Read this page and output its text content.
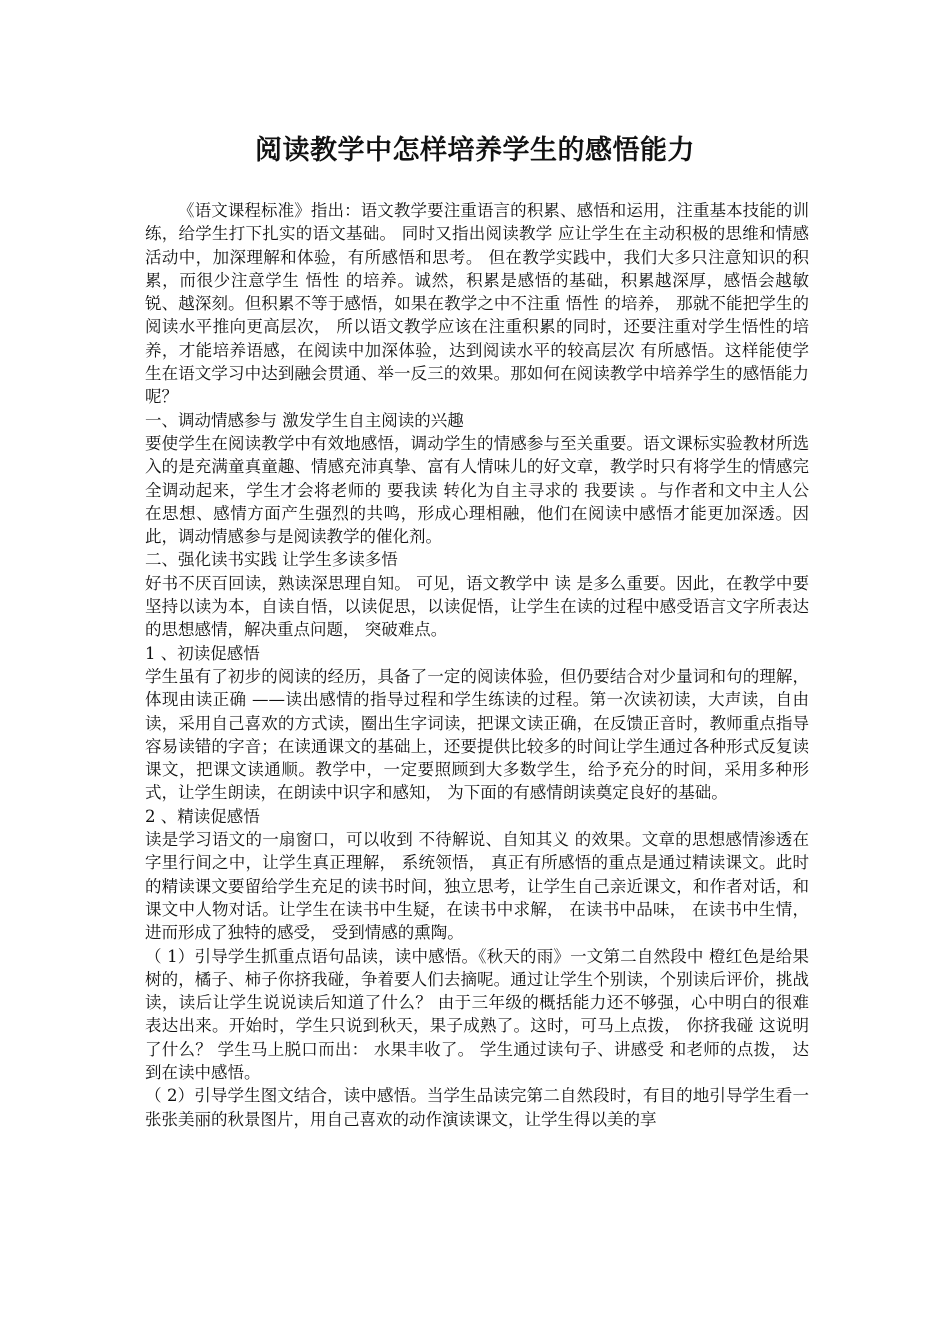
阅读教学中怎样培养学生的感悟能力

《语文课程标准》指出：语文教学要注重语言的积累、感悟和运用，注重基本技能的训练，给学生打下扎实的语文基础。 同时又指出阅读教学 应让学生在主动积极的思维和情感活动中，加深理解和体验，有所感悟和思考。 但在教学实践中，我们大多只注意知识的积累，而很少注意学生 悟性 的培养。诚然，积累是感悟的基础，积累越深厚，感悟会越敏锐、越深刻。但积累不等于感悟，如果在教学之中不注重 悟性 的培养， 那就不能把学生的阅读水平推向更高层次， 所以语文教学应该在注重积累的同时，还要注重对学生悟性的培养，才能培养语感，在阅读中加深体验，达到阅读水平的较高层次 有所感悟。这样能使学生在语文学习中达到融会贯通、举一反三的效果。那如何在阅读教学中培养学生的感悟能力呢？

一、调动情感参与 激发学生自主阅读的兴趣

要使学生在阅读教学中有效地感悟，调动学生的情感参与至关重要。语文课标实验教材所选入的是充满童真童趣、情感充沛真挚、富有人情味儿的好文章，教学时只有将学生的情感完全调动起来，学生才会将老师的 要我读 转化为自主寻求的 我要读 。与作者和文中主人公在思想、感情方面产生强烈的共鸣，形成心理相融，他们在阅读中感悟才能更加深透。因此，调动情感参与是阅读教学的催化剂。

二、强化读书实践 让学生多读多悟

好书不厌百回读，熟读深思理自知。 可见，语文教学中 读 是多么重要。因此，在教学中要坚持以读为本，自读自悟，以读促思，以读促悟，让学生在读的过程中感受语言文字所表达的思想感情，解决重点问题， 突破难点。

1 、初读促感悟

学生虽有了初步的阅读的经历，具备了一定的阅读体验，但仍要结合对少量词和句的理解，体现由读正确 ——读出感情的指导过程和学生练读的过程。第一次读初读，大声读，自由读，采用自己喜欢的方式读，圈出生字词读，把课文读正确，在反馈正音时，教师重点指导容易读错的字音；在读通课文的基础上，还要提供比较多的时间让学生通过各种形式反复读课文，把课文读通顺。教学中，一定要照顾到大多数学生，给予充分的时间，采用多种形式，让学生朗读，在朗读中识字和感知， 为下面的有感情朗读奠定良好的基础。

2 、精读促感悟

读是学习语文的一扇窗口，可以收到 不待解说、自知其义 的效果。文章的思想感情渗透在字里行间之中，让学生真正理解， 系统领悟， 真正有所感悟的重点是通过精读课文。此时的精读课文要留给学生充足的读书时间，独立思考，让学生自己亲近课文，和作者对话，和课文中人物对话。让学生在读书中生疑，在读书中求解， 在读书中品味， 在读书中生情， 进而形成了独特的感受， 受到情感的熏陶。

（ 1）引导学生抓重点语句品读，读中感悟。《秋天的雨》一文第二自然段中 橙红色是给果树的，橘子、柿子你挤我碰，争着要人们去摘呢。通过让学生个别读，个别读后评价，挑战读，读后让学生说说读后知道了什么？ 由于三年级的概括能力还不够强，心中明白的很难表达出来。开始时，学生只说到秋天，果子成熟了。这时，可马上点拨， 你挤我碰 这说明了什么？ 学生马上脱口而出： 水果丰收了。 学生通过读句子、讲感受 和老师的点拨， 达到在读中感悟。

（ 2）引导学生图文结合，读中感悟。当学生品读完第二自然段时，有目的地引导学生看一张张美丽的秋景图片，用自己喜欢的动作演读课文，让学生得以美的享
